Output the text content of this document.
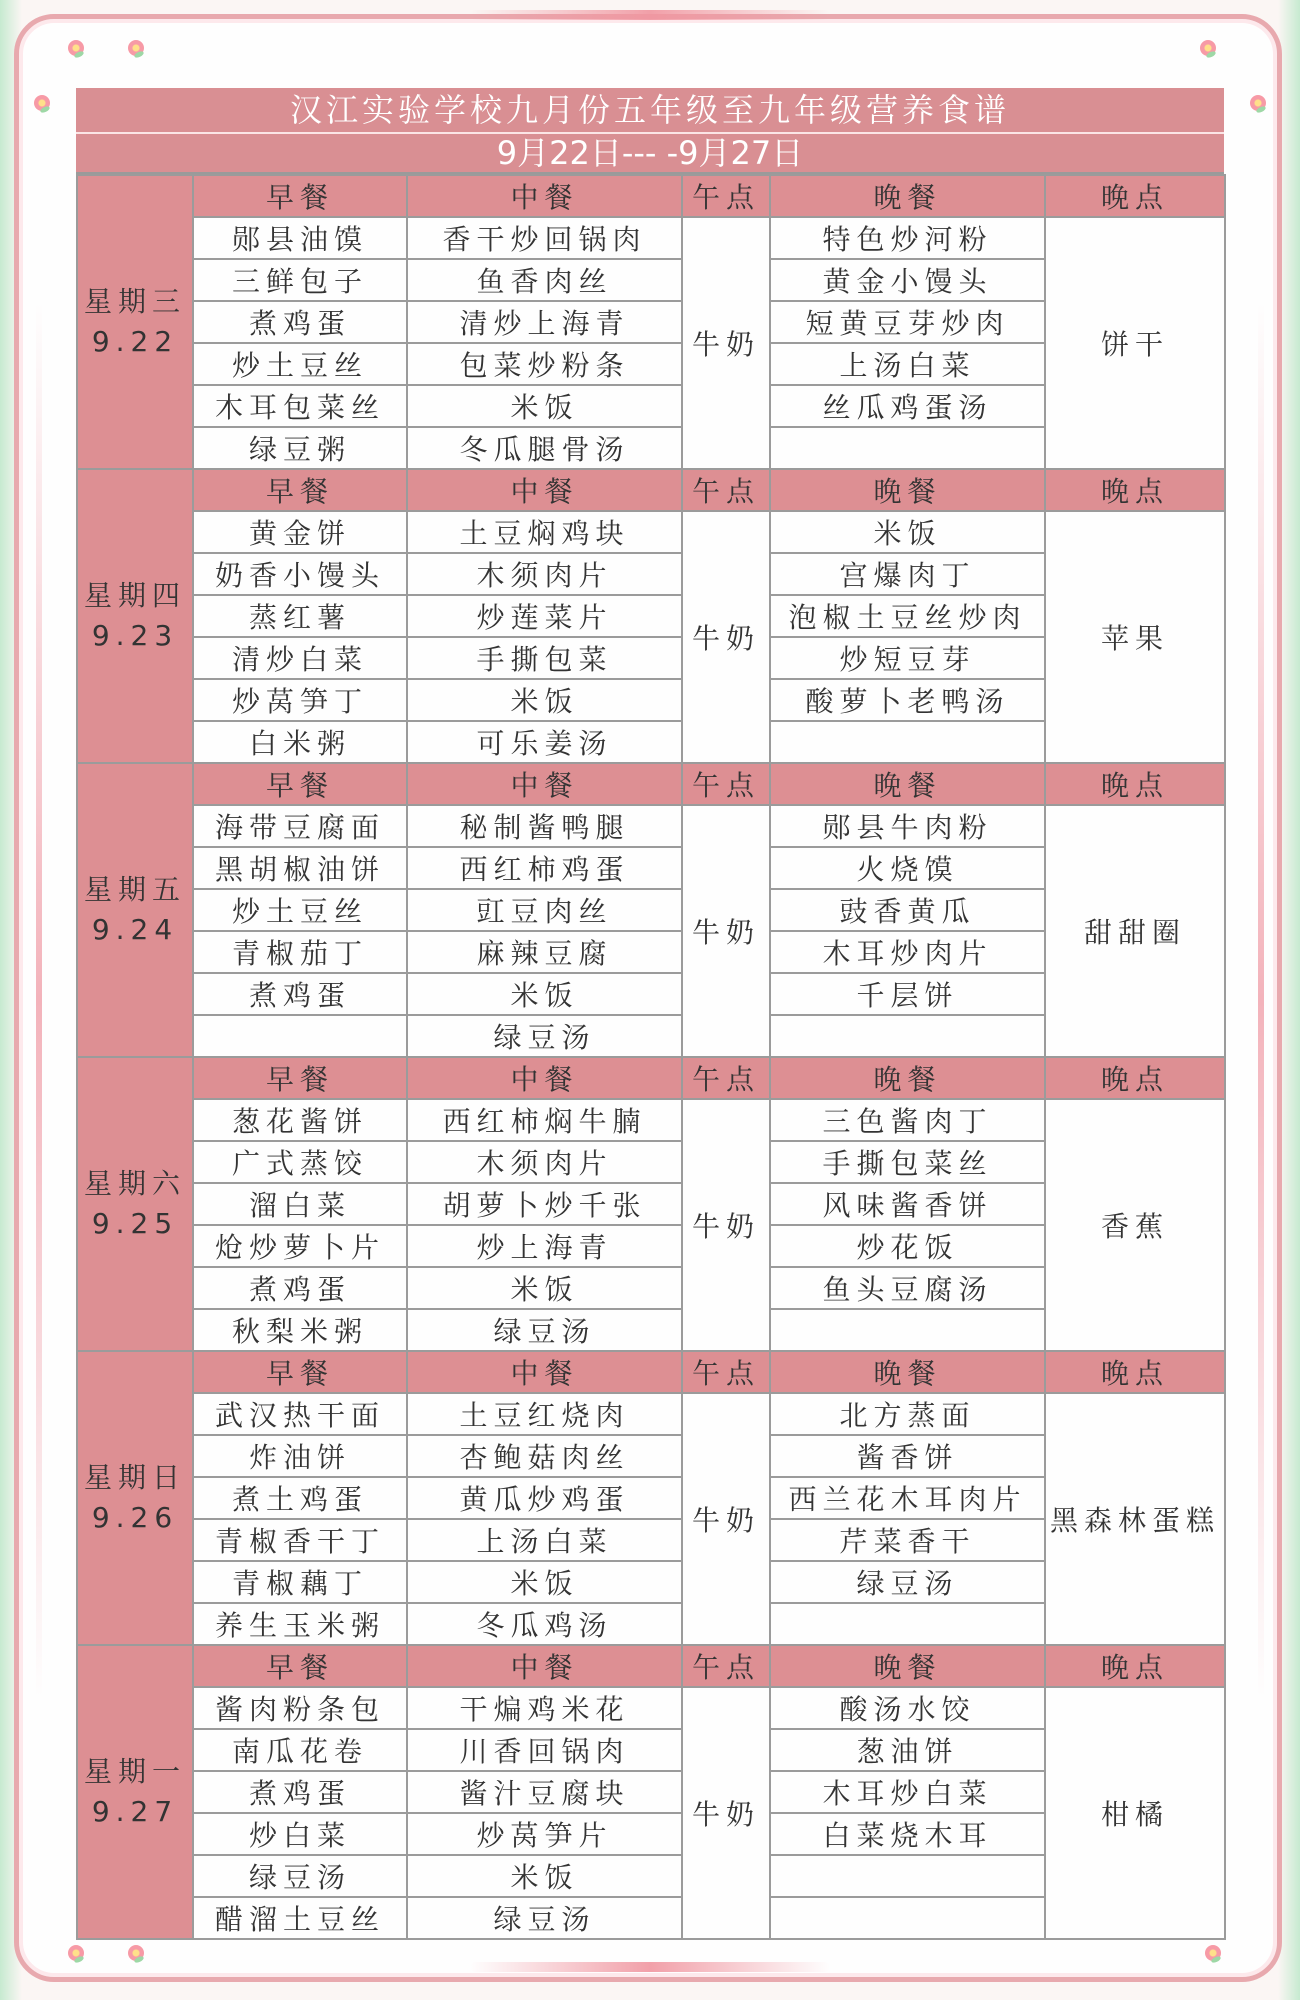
汉江实验学校九月份五年级至九年级营养食谱
9月22日--- -9月27日
星期三
9.22	早餐	中餐	午点	晚餐	晚点
	郧县油馍	香干炒回锅肉	牛奶	特色炒河粉	饼干
	三鲜包子	鱼香肉丝		黄金小馒头	
	煮鸡蛋	清炒上海青		短黄豆芽炒肉	
	炒土豆丝	包菜炒粉条		上汤白菜	
	木耳包菜丝	米饭		丝瓜鸡蛋汤	
	绿豆粥	冬瓜腿骨汤			

星期四
9.23	早餐	中餐	午点	晚餐	晚点
	黄金饼	土豆焖鸡块	牛奶	米饭	苹果
	奶香小馒头	木须肉片		宫爆肉丁	
	蒸红薯	炒莲菜片		泡椒土豆丝炒肉	
	清炒白菜	手撕包菜		炒短豆芽	
	炒莴笋丁	米饭		酸萝卜老鸭汤	
	白米粥	可乐姜汤			

星期五
9.24	早餐	中餐	午点	晚餐	晚点
	海带豆腐面	秘制酱鸭腿	牛奶	郧县牛肉粉	甜甜圈
	黑胡椒油饼	西红柿鸡蛋		火烧馍	
	炒土豆丝	豇豆肉丝		豉香黄瓜	
	青椒茄丁	麻辣豆腐		木耳炒肉片	
	煮鸡蛋	米饭		千层饼	
		绿豆汤			

星期六
9.25	早餐	中餐	午点	晚餐	晚点
	葱花酱饼	西红柿焖牛腩	牛奶	三色酱肉丁	香蕉
	广式蒸饺	木须肉片		手撕包菜丝	
	溜白菜	胡萝卜炒千张		风味酱香饼	
	炝炒萝卜片	炒上海青		炒花饭	
	煮鸡蛋	米饭		鱼头豆腐汤	
	秋梨米粥	绿豆汤			

星期日
9.26	早餐	中餐	午点	晚餐	晚点
	武汉热干面	土豆红烧肉	牛奶	北方蒸面	黑森林蛋糕
	炸油饼	杏鲍菇肉丝		酱香饼	
	煮土鸡蛋	黄瓜炒鸡蛋		西兰花木耳肉片	
	青椒香干丁	上汤白菜		芹菜香干	
	青椒藕丁	米饭		绿豆汤	
	养生玉米粥	冬瓜鸡汤			

星期一
9.27	早餐	中餐	午点	晚餐	晚点
	酱肉粉条包	干煸鸡米花	牛奶	酸汤水饺	柑橘
	南瓜花卷	川香回锅肉		葱油饼	
	煮鸡蛋	酱汁豆腐块		木耳炒白菜	
	炒白菜	炒莴笋片		白菜烧木耳	
	绿豆汤	米饭			
	醋溜土豆丝	绿豆汤			
